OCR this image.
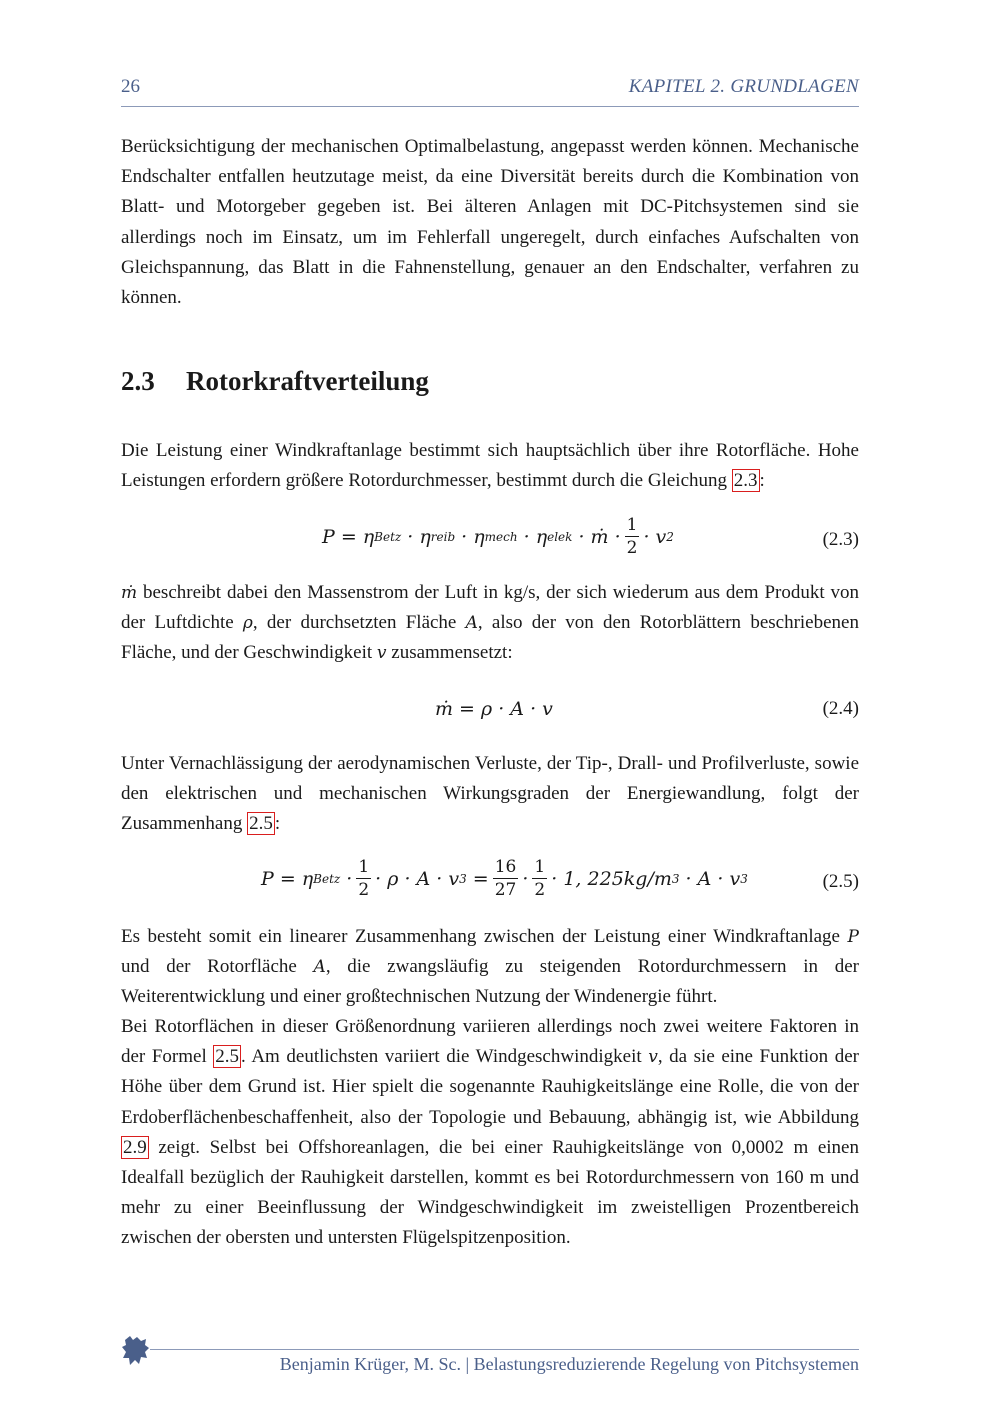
26	KAPITEL 2. GRUNDLAGEN

Berücksichtigung der mechanischen Optimalbelastung, angepasst werden können. Mechanische Endschalter entfallen heutzutage meist, da eine Diversität bereits durch die Kombination von Blatt- und Motorgeber gegeben ist. Bei älteren Anlagen mit DC-Pitchsystemen sind sie allerdings noch im Einsatz, um im Fehlerfall ungeregelt, durch einfaches Aufschalten von Gleichspannung, das Blatt in die Fahnenstellung, genauer an den Endschalter, verfahren zu können.

2.3 Rotorkraftverteilung

Die Leistung einer Windkraftanlage bestimmt sich hauptsächlich über ihre Rotorfläche. Hohe Leistungen erfordern größere Rotordurchmesser, bestimmt durch die Gleichung 2.3 :

P = η Betz · η reib · η mech · η elek · ṁ · $\frac{1}{2} \cdot v$ 2	(2.3)

ṁ beschreibt dabei den Massenstrom der Luft in kg/s, der sich wiederum aus dem Produkt von der Luftdichte ρ, der durchsetzten Fläche A, also der von den Rotorblättern beschriebenen Fläche, und der Geschwindigkeit v zusammensetzt:

ṁ = ρ · A · v	(2.4)

Unter Vernachlässigung der aerodynamischen Verluste, der Tip-, Drall- und Profilverluste, sowie den elektrischen und mechanischen Wirkungsgraden der Energiewandlung, folgt der Zusammenhang 2.5 :

P = η Betz · $\frac{1}{2} \cdot \rho \cdot A \cdot v$ $3 = \frac{16}{27} \cdot \frac{1}{2} \cdot 1$, 225kg/m 3 · A · v 3	(2.5)

Es besteht somit ein linearer Zusammenhang zwischen der Leistung einer Windkraftanlage P und der Rotorfläche A, die zwangsläufig zu steigenden Rotordurchmessern in der Weiterentwicklung und einer großtechnischen Nutzung der Windenergie führt.

Bei Rotorflächen in dieser Größenordnung variieren allerdings noch zwei weitere Faktoren in der Formel 2.5 . Am deutlichsten variiert die Windgeschwindigkeit v, da sie eine Funktion der Höhe über dem Grund ist. Hier spielt die sogenannte Rauhigkeitslänge eine Rolle, die von der Erdoberflächenbeschaffenheit, also der Topologie und Bebauung, abhängig ist, wie Abbildung 2.9 zeigt. Selbst bei Offshoreanlagen, die bei einer Rauhigkeitslänge von 0,0002 m einen Idealfall bezüglich der Rauhigkeit darstellen, kommt es bei Rotordurchmessern von 160 m und mehr zu einer Beeinflussung der Windgeschwindigkeit im zweistelligen Prozentbereich zwischen der obersten und untersten Flügelspitzenposition.

Benjamin Krüger, M. Sc. | Belastungsreduzierende Regelung von Pitchsystemen
